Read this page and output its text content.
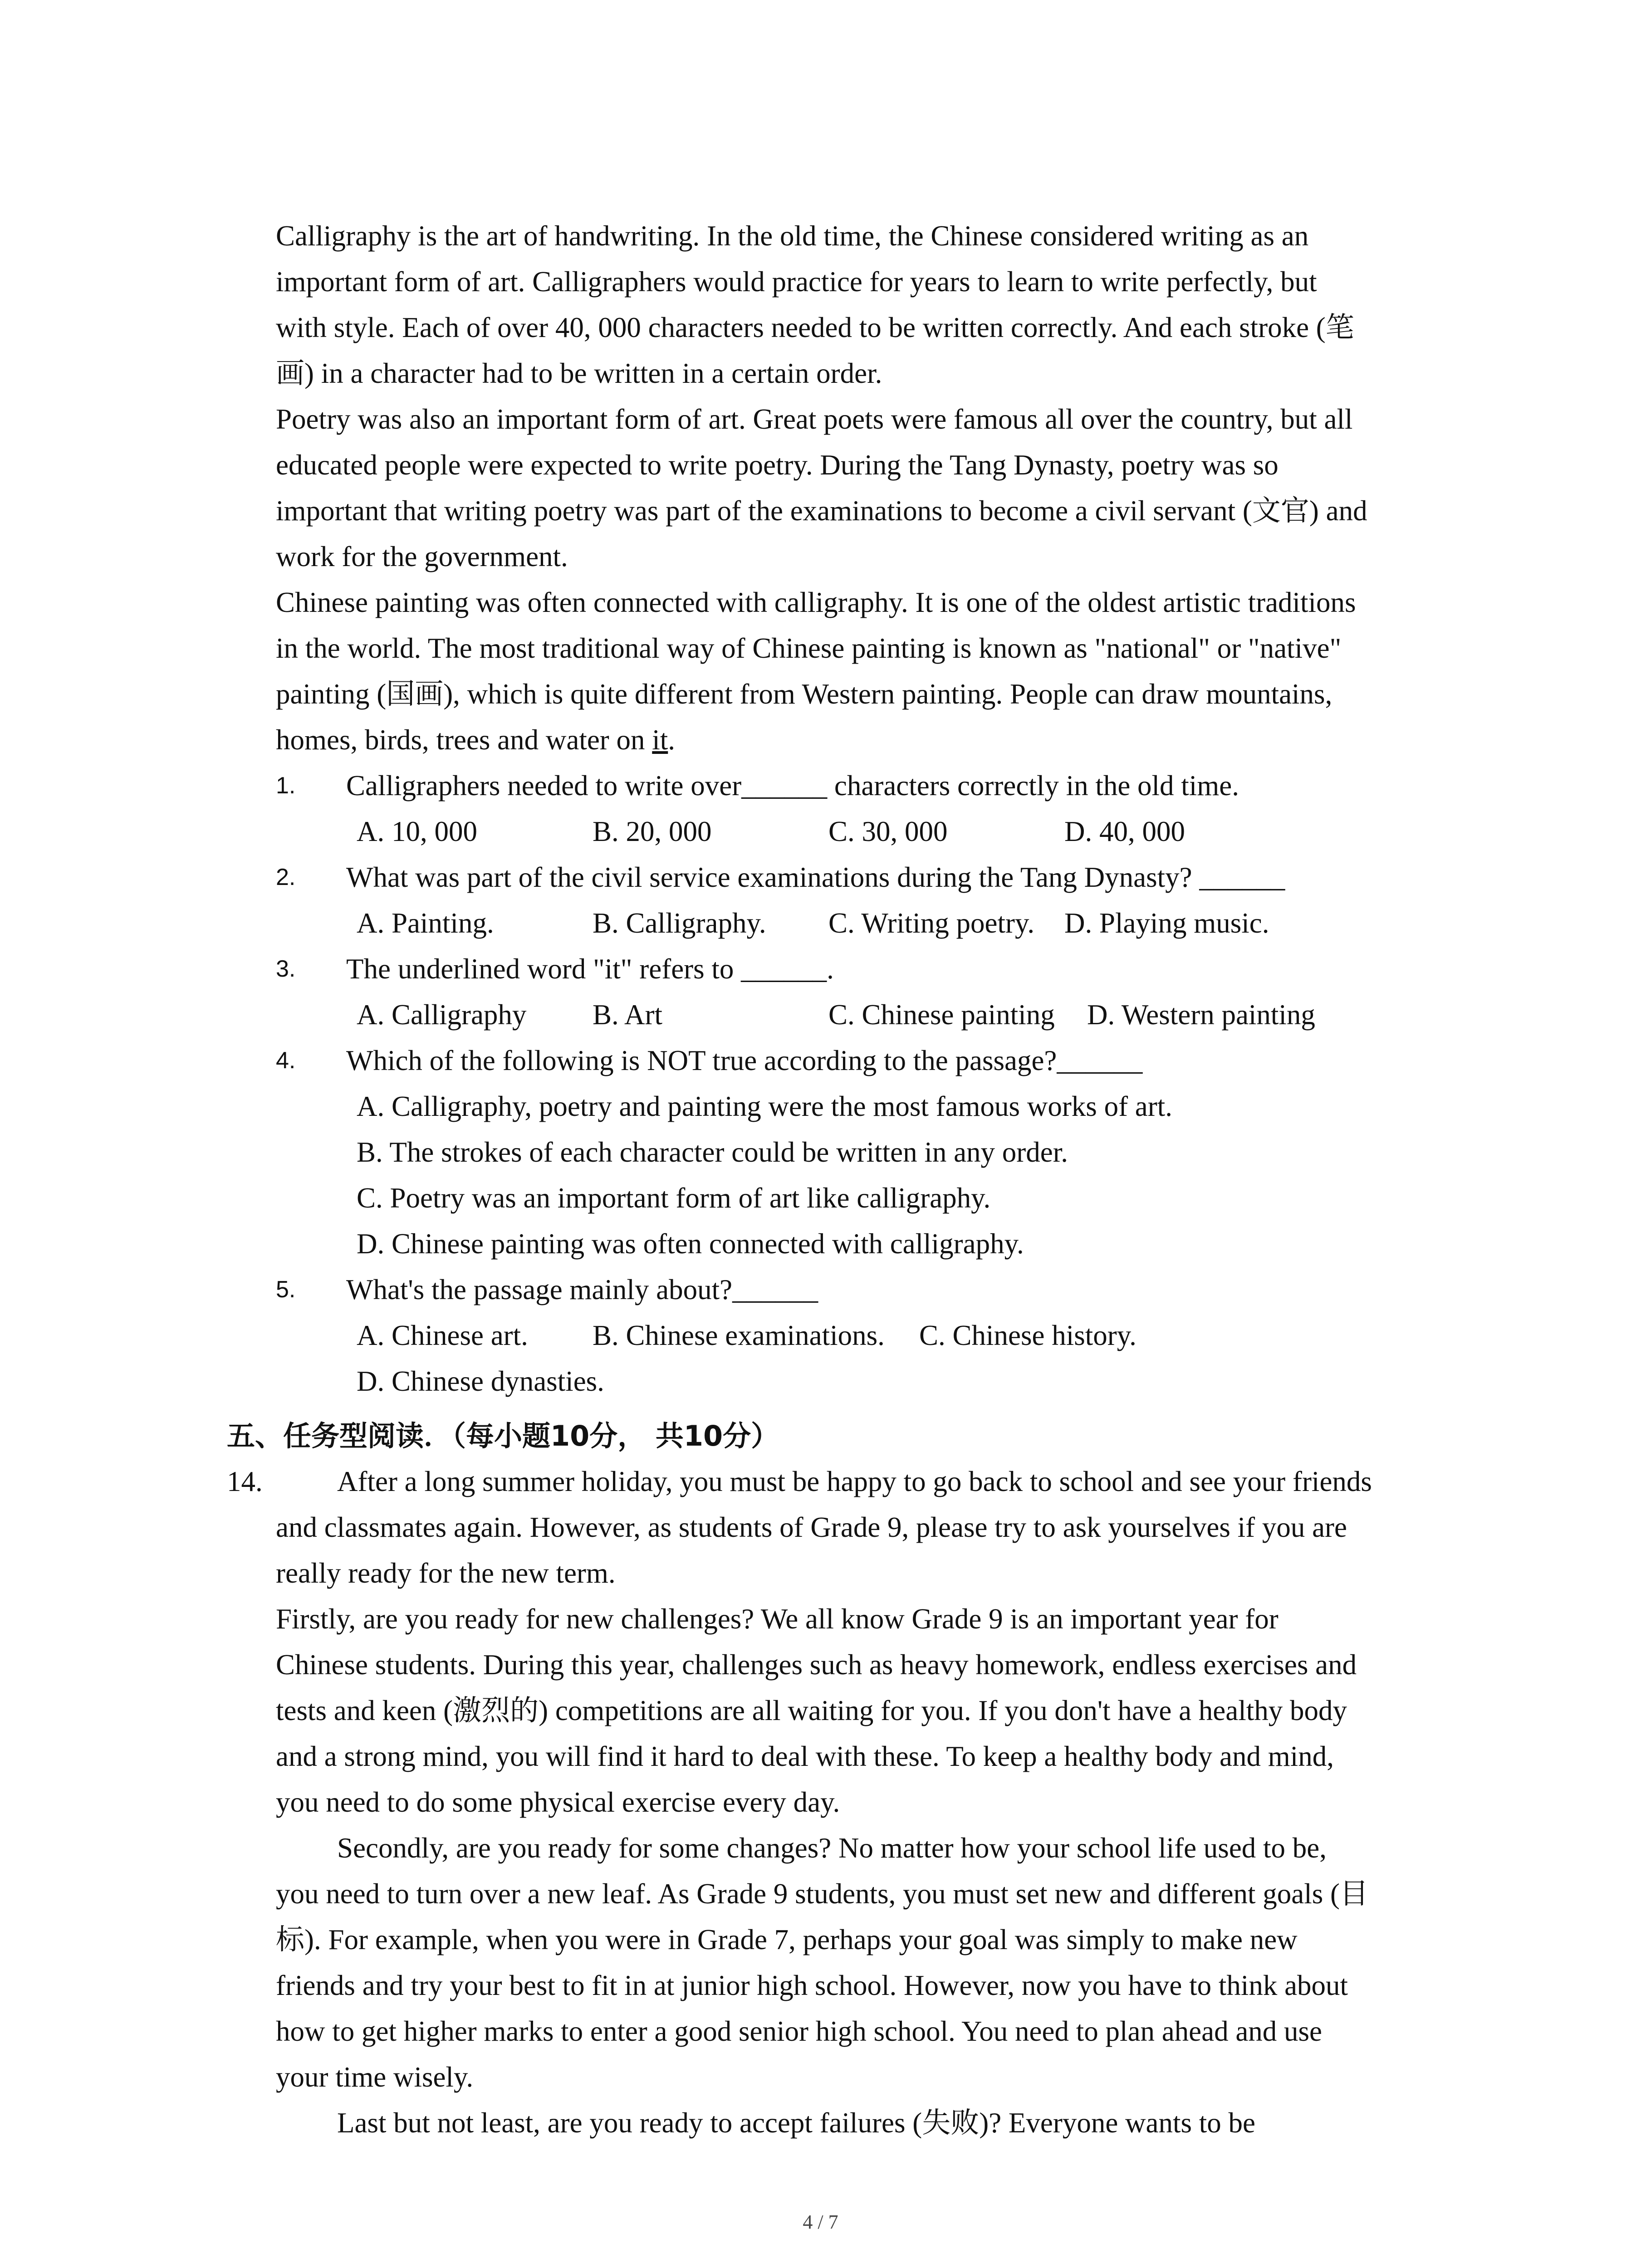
Calligraphy is the art of handwriting. In the old time, the Chinese considered writing as an
important form of art. Calligraphers would practice for years to learn to write perfectly, but
with style. Each of over 40, 000 characters needed to be written correctly. And each stroke (笔
画) in a character had to be written in a certain order.
Poetry was also an important form of art. Great poets were famous all over the country, but all
educated people were expected to write poetry. During the Tang Dynasty, poetry was so
important that writing poetry was part of the examinations to become a civil servant (文官) and
work for the government.
Chinese painting was often connected with calligraphy. It is one of the oldest artistic traditions
in the world. The most traditional way of Chinese painting is known as "national" or "native"
painting (国画), which is quite different from Western painting. People can draw mountains,
homes, birds, trees and water on it.
1. Calligraphers needed to write over______ characters correctly in the old time.
A. 10, 000	B. 20, 000	C. 30, 000	D. 40, 000
2. What was part of the civil service examinations during the Tang Dynasty? ______
A. Painting.	B. Calligraphy. C. Writing poetry. D. Playing music.
3. The underlined word "it" refers to ______.
A. Calligraphy B. Art	C. Chinese painting D. Western painting
4. Which of the following is NOT true according to the passage?______
A. Calligraphy, poetry and painting were the most famous works of art.
B. The strokes of each character could be written in any order.
C. Poetry was an important form of art like calligraphy.
D. Chinese painting was often connected with calligraphy.
5. What's the passage mainly about?______
A. Chinese art. B. Chinese examinations. C. Chinese history.
D. Chinese dynasties.
五、任务型阅读．（每小题10分， 共10分）
14.	After a long summer holiday, you must be happy to go back to school and see your friends
and classmates again. However, as students of Grade 9, please try to ask yourselves if you are
really ready for the new term.
Firstly, are you ready for new challenges? We all know Grade 9 is an important year for
Chinese students. During this year, challenges such as heavy homework, endless exercises and
tests and keen (激烈的) competitions are all waiting for you. If you don't have a healthy body
and a strong mind, you will find it hard to deal with these. To keep a healthy body and mind,
you need to do some physical exercise every day.
Secondly, are you ready for some changes? No matter how your school life used to be,
you need to turn over a new leaf. As Grade 9 students, you must set new and different goals (目
标). For example, when you were in Grade 7, perhaps your goal was simply to make new
friends and try your best to fit in at junior high school. However, now you have to think about
how to get higher marks to enter a good senior high school. You need to plan ahead and use
your time wisely.
Last but not least, are you ready to accept failures (失败)? Everyone wants to be
4 / 7
